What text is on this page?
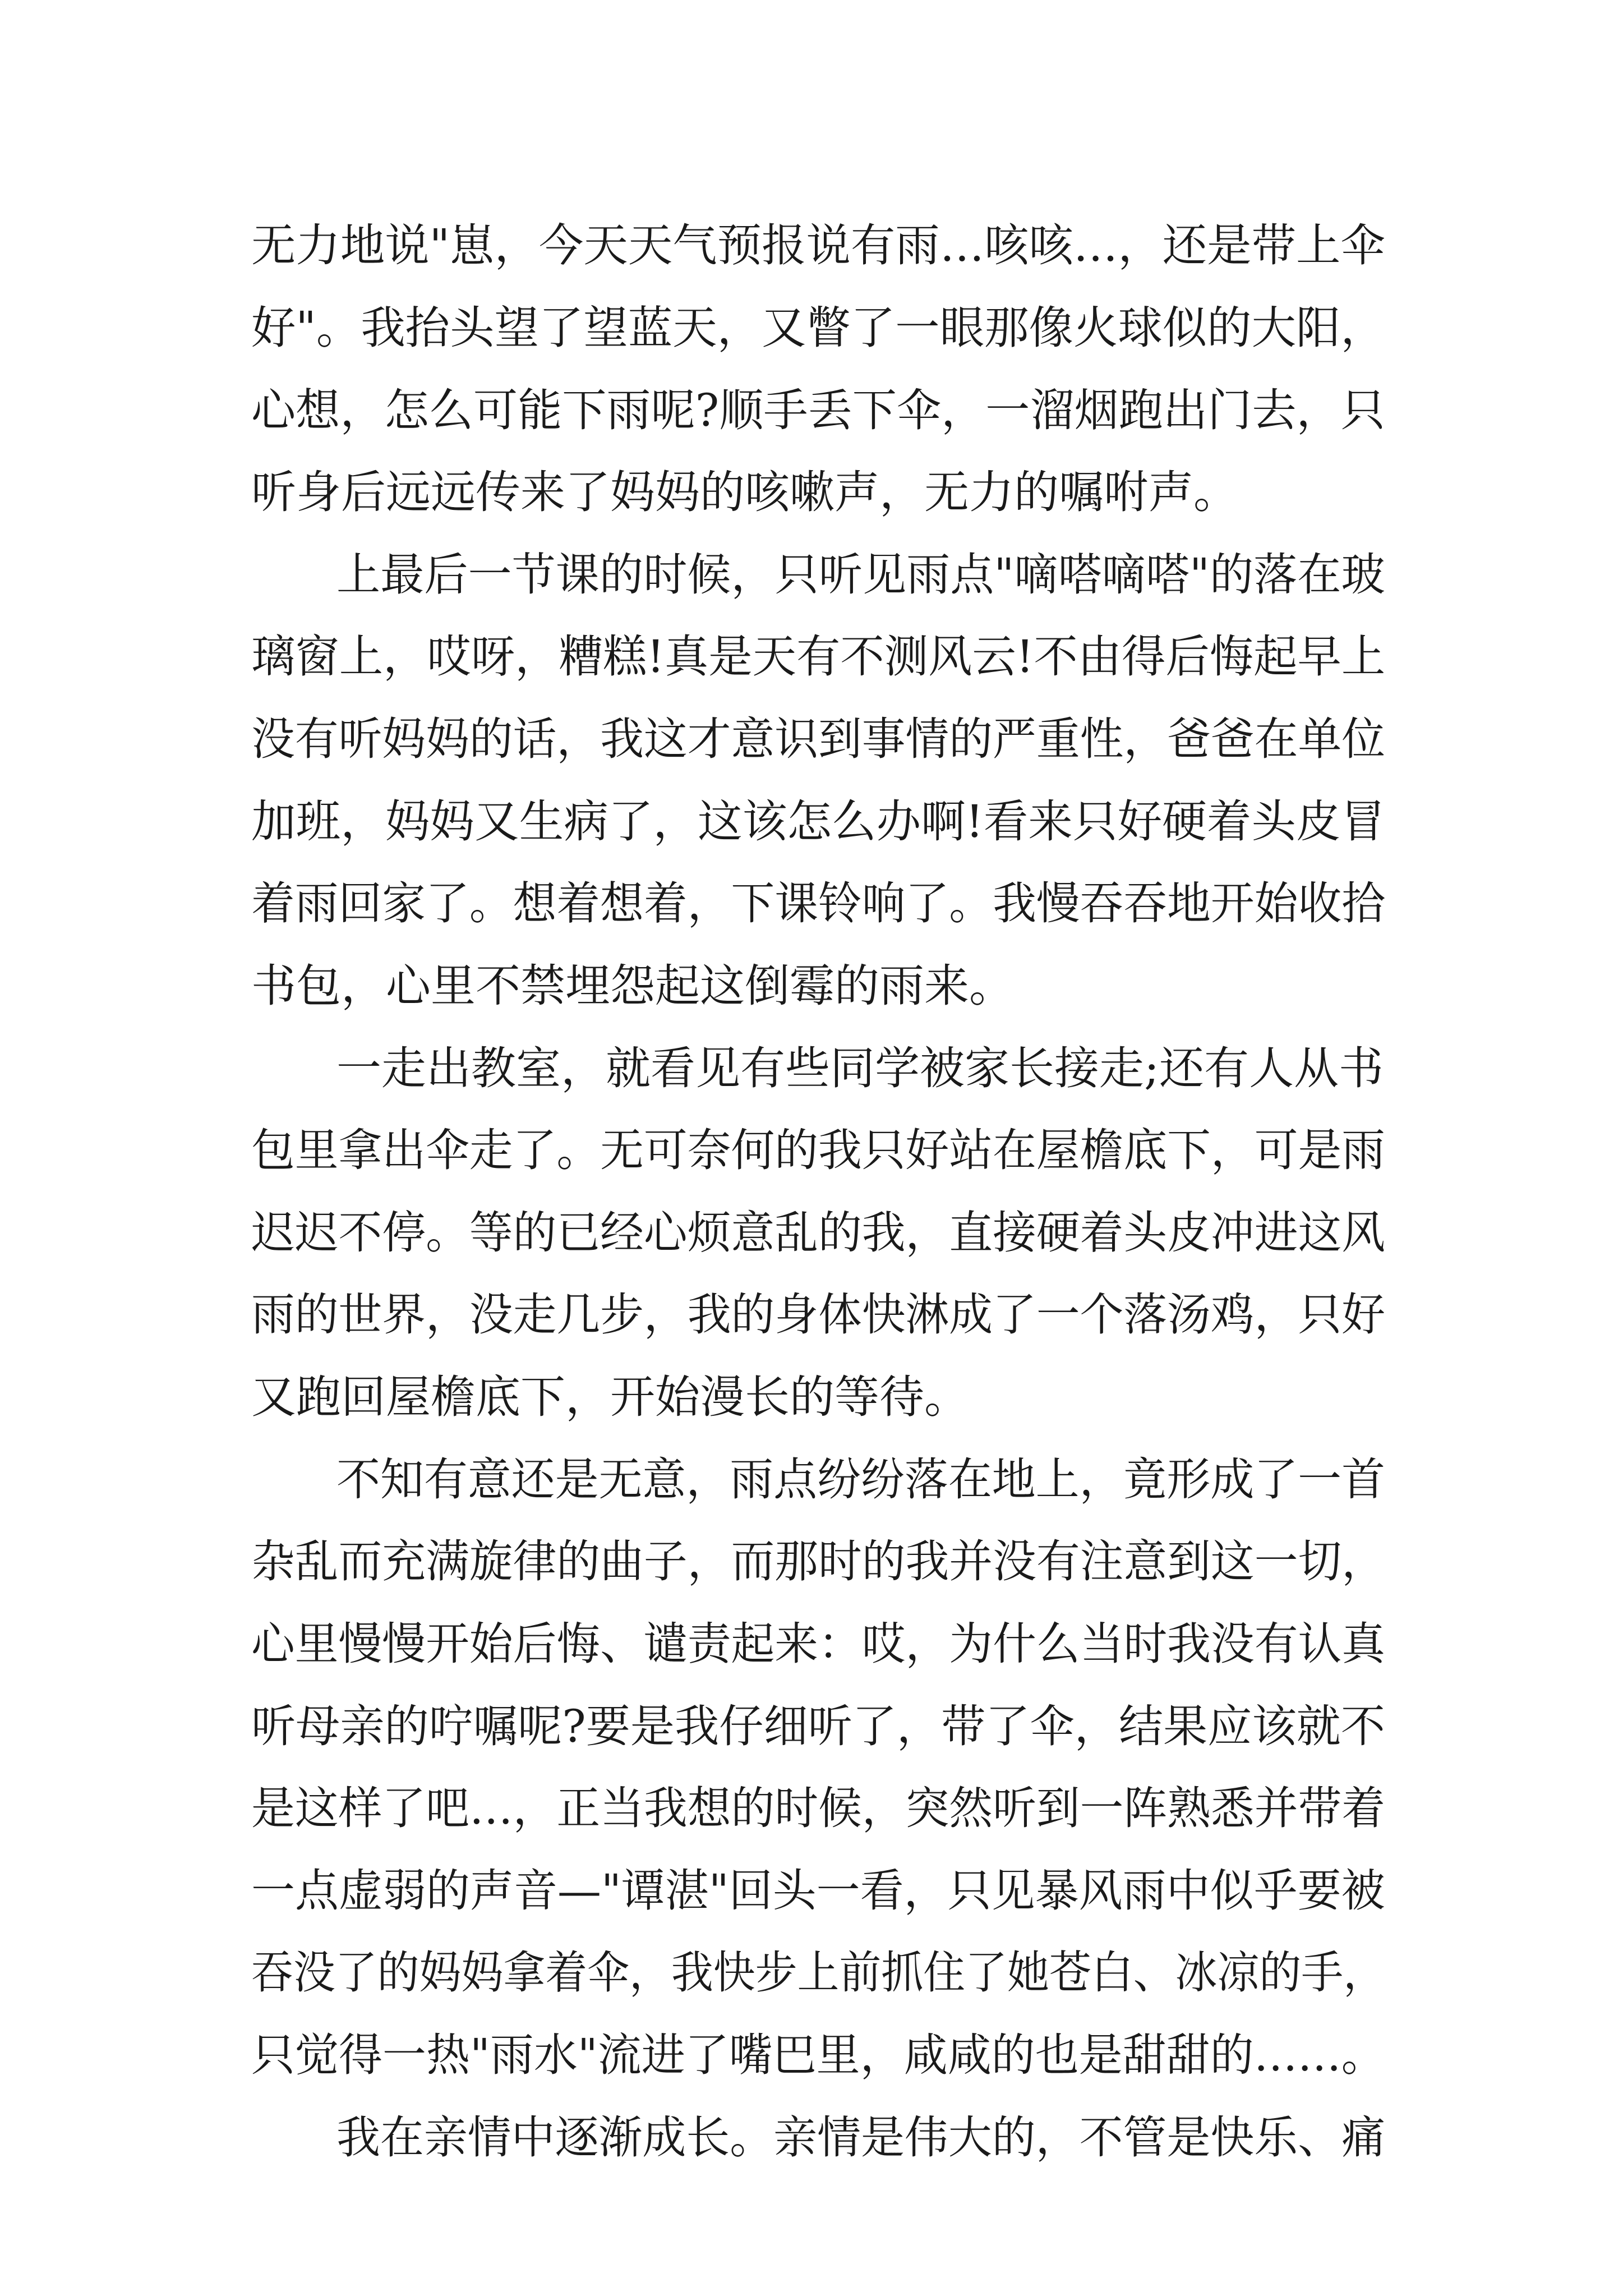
无力地说"崽，今天天气预报说有雨…咳咳…，还是带上伞
好"。我抬头望了望蓝天，又瞥了一眼那像火球似的大阳，
心想，怎么可能下雨呢?顺手丢下伞，一溜烟跑出门去，只
听身后远远传来了妈妈的咳嗽声，无力的嘱咐声。
上最后一节课的时候，只听见雨点"嘀嗒嘀嗒"的落在玻
璃窗上，哎呀，糟糕!真是天有不测风云!不由得后悔起早上
没有听妈妈的话，我这才意识到事情的严重性，爸爸在单位
加班，妈妈又生病了，这该怎么办啊!看来只好硬着头皮冒
着雨回家了。想着想着，下课铃响了。我慢吞吞地开始收拾
书包，心里不禁埋怨起这倒霉的雨来。
一走出教室，就看见有些同学被家长接走;还有人从书
包里拿出伞走了。无可奈何的我只好站在屋檐底下，可是雨
迟迟不停。等的已经心烦意乱的我，直接硬着头皮冲进这风
雨的世界，没走几步，我的身体快淋成了一个落汤鸡，只好
又跑回屋檐底下，开始漫长的等待。
不知有意还是无意，雨点纷纷落在地上，竟形成了一首
杂乱而充满旋律的曲子，而那时的我并没有注意到这一切，
心里慢慢开始后悔、谴责起来：哎，为什么当时我没有认真
听母亲的咛嘱呢?要是我仔细听了，带了伞，结果应该就不
是这样了吧…，正当我想的时候，突然听到一阵熟悉并带着
一点虚弱的声音—"谭湛"回头一看，只见暴风雨中似乎要被
吞没了的妈妈拿着伞，我快步上前抓住了她苍白、冰凉的手，
只觉得一热"雨水"流进了嘴巴里，咸咸的也是甜甜的……。
我在亲情中逐渐成长。亲情是伟大的，不管是快乐、痛
